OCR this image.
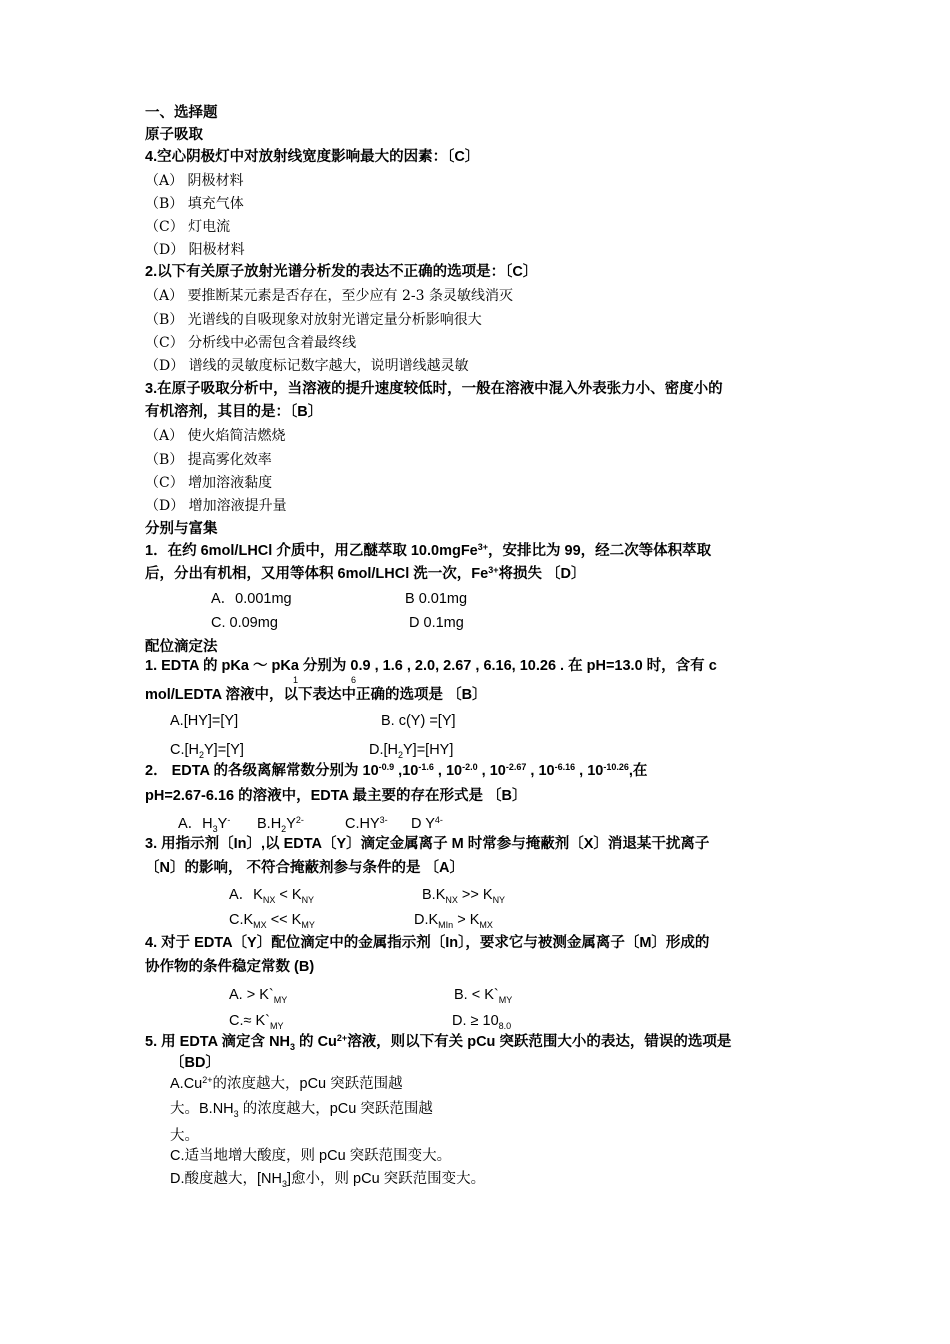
一、选择题
原子吸取
4.空心阴极灯中对放射线宽度影响最大的因素：〔C〕
（A） 阴极材料
（B） 填充气体
（C） 灯电流
（D） 阳极材料
2.以下有关原子放射光谱分析发的表达不正确的选项是：〔C〕
（A） 要推断某元素是否存在，至少应有 2-3 条灵敏线消灭
（B） 光谱线的自吸现象对放射光谱定量分析影响很大
（C） 分析线中必需包含着最终线
（D） 谱线的灵敏度标记数字越大，说明谱线越灵敏
3.在原子吸取分析中，当溶液的提升速度较低时，一般在溶液中混入外表张力小、密度小的
有机溶剂，其目的是：〔B〕
（A） 使火焰简洁燃烧
（B） 提高雾化效率
（C） 增加溶液黏度
（D） 增加溶液提升量
分别与富集
1．在约 6mol/LHCl 介质中，用乙醚萃取 10.0mgFe$^{3+}$，安排比为 99，经二次等体积萃取
后，分出有机相，又用等体积 6mol/LHCl 洗一次，$Fe^{3+}$将损失 〔D〕
A．0.001mg	B 0.01mg
C. 0.09mg	D 0.1mg
配位滴定法
1. EDTA 的 pKa ～ pKa 分别为 0.9 , 1.6 , 2.0, 2.67 , 6.16, 10.26 . 在 pH=13.0 时，含有 c
1	6
mol/LEDTA 溶液中，以下表达中正确的选项是 〔B〕
A.[HY]=[Y]	B. c(Y) =[Y]
$C.[H_2Y]=[Y]$	$D.[H_2Y]=[HY]$
2． EDTA 的各级离解常数分别为 $10^{-0.9}$ $,10^{-1.6}$ , $10^{-2.0}$ , $10^{-2.67}$ , $10^{-6.16}$ , $10^{-10.26}$,在
pH=2.67-6.16 的溶液中，EDTA 最主要的存在形式是 〔B〕
A．$H_3Y^-$ $B.H_2Y^{2-}$	$C.HY^{3-}$ D $Y^{4-}$
3. 用指示剂〔In〕,以 EDTA〔Y〕滴定金属离子 M 时常参与掩蔽剂〔X〕消退某干扰离子
〔N〕的影响， 不符合掩蔽剂参与条件的是 〔A〕
A．$K_{NX} < K_{NY}$	$B.K_{NX} >> K_{NY}$
$C.K_{MX} << K_{MY}$	$D.K_{MIn} > K_{MX}$
4. 对于 EDTA〔Y〕配位滴定中的金属指示剂〔In〕，要求它与被测金属离子〔M〕形成的
协作物的条件稳定常数 (B)
A. > $K`_{MY}$	B. < $K`_{MY}$
$C.\approx K`_{MY}$	D. ≥ $10_{8.0}$
5. 用 EDTA 滴定含 $NH_3$ 的 $Cu^{2+}$溶液，则以下有关 pCu 突跃范围大小的表达，错误的选项是
〔BD〕
$A.Cu^{2+}$的浓度越大，pCu 突跃范围越
大。$B.NH_3$ 的浓度越大，pCu 突跃范围越
大。
C.适当地增大酸度，则 pCu 突跃范围变大。
D.酸度越大，$[NH_3]$愈小，则 pCu 突跃范围变大。
